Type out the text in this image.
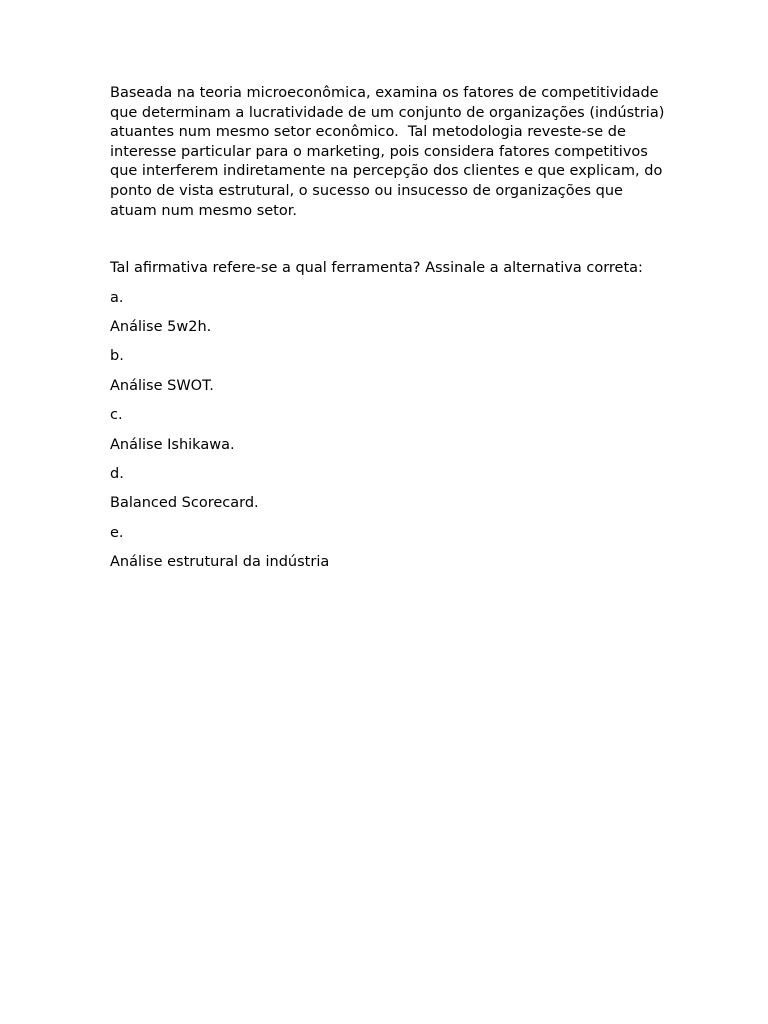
Baseada na teoria microeconômica, examina os fatores de competitividade que determinam a lucratividade de um conjunto de organizações (indústria) atuantes num mesmo setor econômico.  Tal metodologia reveste-se de interesse particular para o marketing, pois considera fatores competitivos que interferem indiretamente na percepção dos clientes e que explicam, do ponto de vista estrutural, o sucesso ou insucesso de organizações que atuam num mesmo setor.

Tal afirmativa refere-se a qual ferramenta? Assinale a alternativa correta:

a.

Análise 5w2h.

b.

Análise SWOT.

c.

Análise Ishikawa.

d.

Balanced Scorecard.

e.

Análise estrutural da indústria
